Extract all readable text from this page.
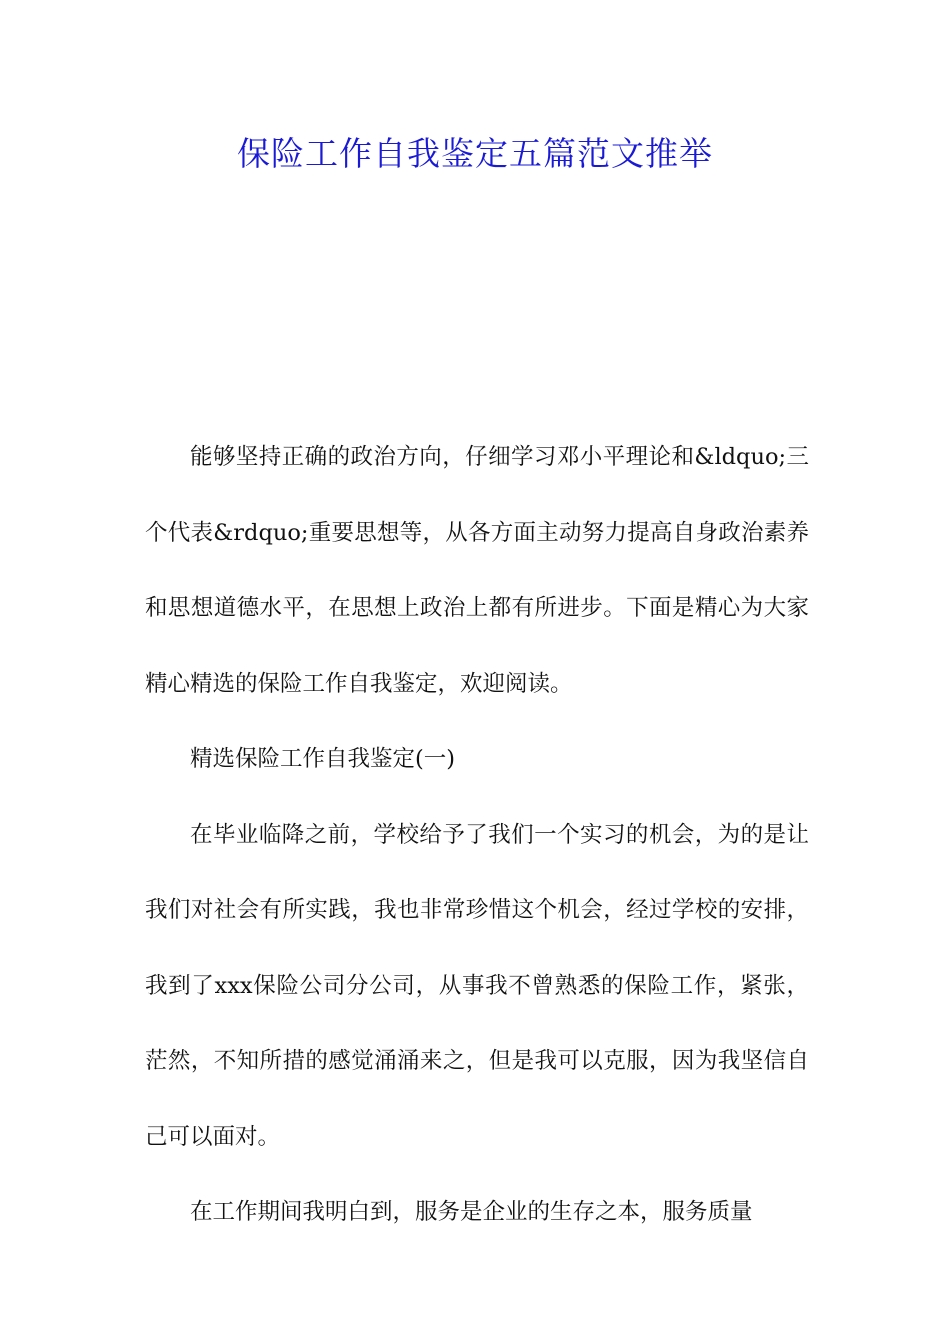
保险工作自我鉴定五篇范文推举

能够坚持正确的政治方向，仔细学习邓小平理论和&ldquo;三个代表&rdquo;重要思想等，从各方面主动努力提高自身政治素养和思想道德水平，在思想上政治上都有所进步。下面是精心为大家精心精选的保险工作自我鉴定，欢迎阅读。

精选保险工作自我鉴定(一)

在毕业临降之前，学校给予了我们一个实习的机会，为的是让我们对社会有所实践，我也非常珍惜这个机会，经过学校的安排，我到了xxx保险公司分公司，从事我不曾熟悉的保险工作，紧张，茫然，不知所措的感觉涌涌来之，但是我可以克服，因为我坚信自己可以面对。

在工作期间我明白到，服务是企业的生存之本，服务质量
